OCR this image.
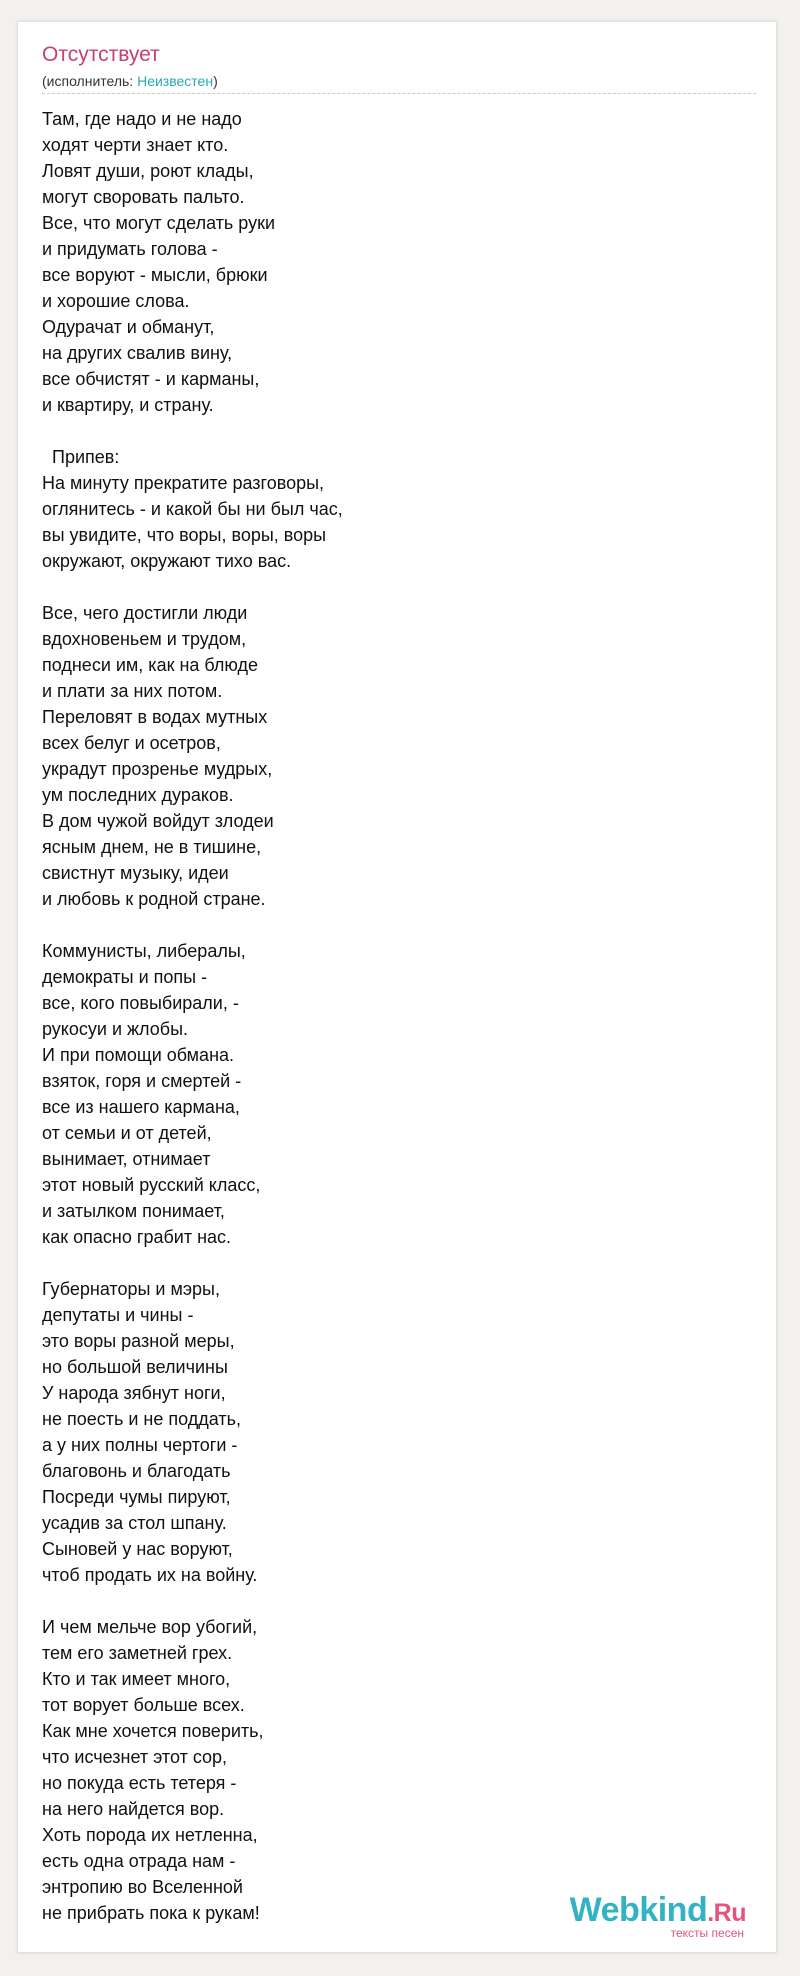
Отсутствует
(исполнитель: Неизвестен)
Там, где надо и не надо
ходят черти знает кто.
Ловят души, роют клады,
могут своровать пальто.
Все, что могут сделать руки
и придумать голова -
все воруют - мысли, брюки
и хорошие слова.
Одурачат и обманут,
на других свалив вину,
все обчистят - и карманы,
и квартиру, и страну.

Припев:
На минуту прекратите разговоры,
оглянитесь - и какой бы ни был час,
вы увидите, что воры, воры, воры
окружают, окружают тихо вас.

Все, чего достигли люди
вдохновеньем и трудом,
поднеси им, как на блюде
и плати за них потом.
Переловят в водах мутных
всех белуг и осетров,
украдут прозренье мудрых,
ум последних дураков.
В дом чужой войдут злодеи
ясным днем, не в тишине,
свистнут музыку, идеи
и любовь к родной стране.

Коммунисты, либералы,
демократы и попы -
все, кого повыбирали, -
рукосуи и жлобы.
И при помощи обмана.
взяток, горя и смертей -
все из нашего кармана,
от семьи и от детей,
вынимает, отнимает
этот новый русский класс,
и затылком понимает,
как опасно грабит нас.

Губернаторы и мэры,
депутаты и чины -
это воры разной меры,
но большой величины
У народа зябнут ноги,
не поесть и не поддать,
а у них полны чертоги -
благовонь и благодать
Посреди чумы пируют,
усадив за стол шпану.
Сыновей у нас воруют,
чтоб продать их на войну.

И чем мельче вор убогий,
тем его заметней грех.
Кто и так имеет много,
тот ворует больше всех.
Как мне хочется поверить,
что исчезнет этот сор,
но покуда есть тетеря -
на него найдется вор.
Хоть порода их нетленна,
есть одна отрада нам -
энтропию во Вселенной
не прибрать пока к рукам!	Webkind.Ru
тексты песен
